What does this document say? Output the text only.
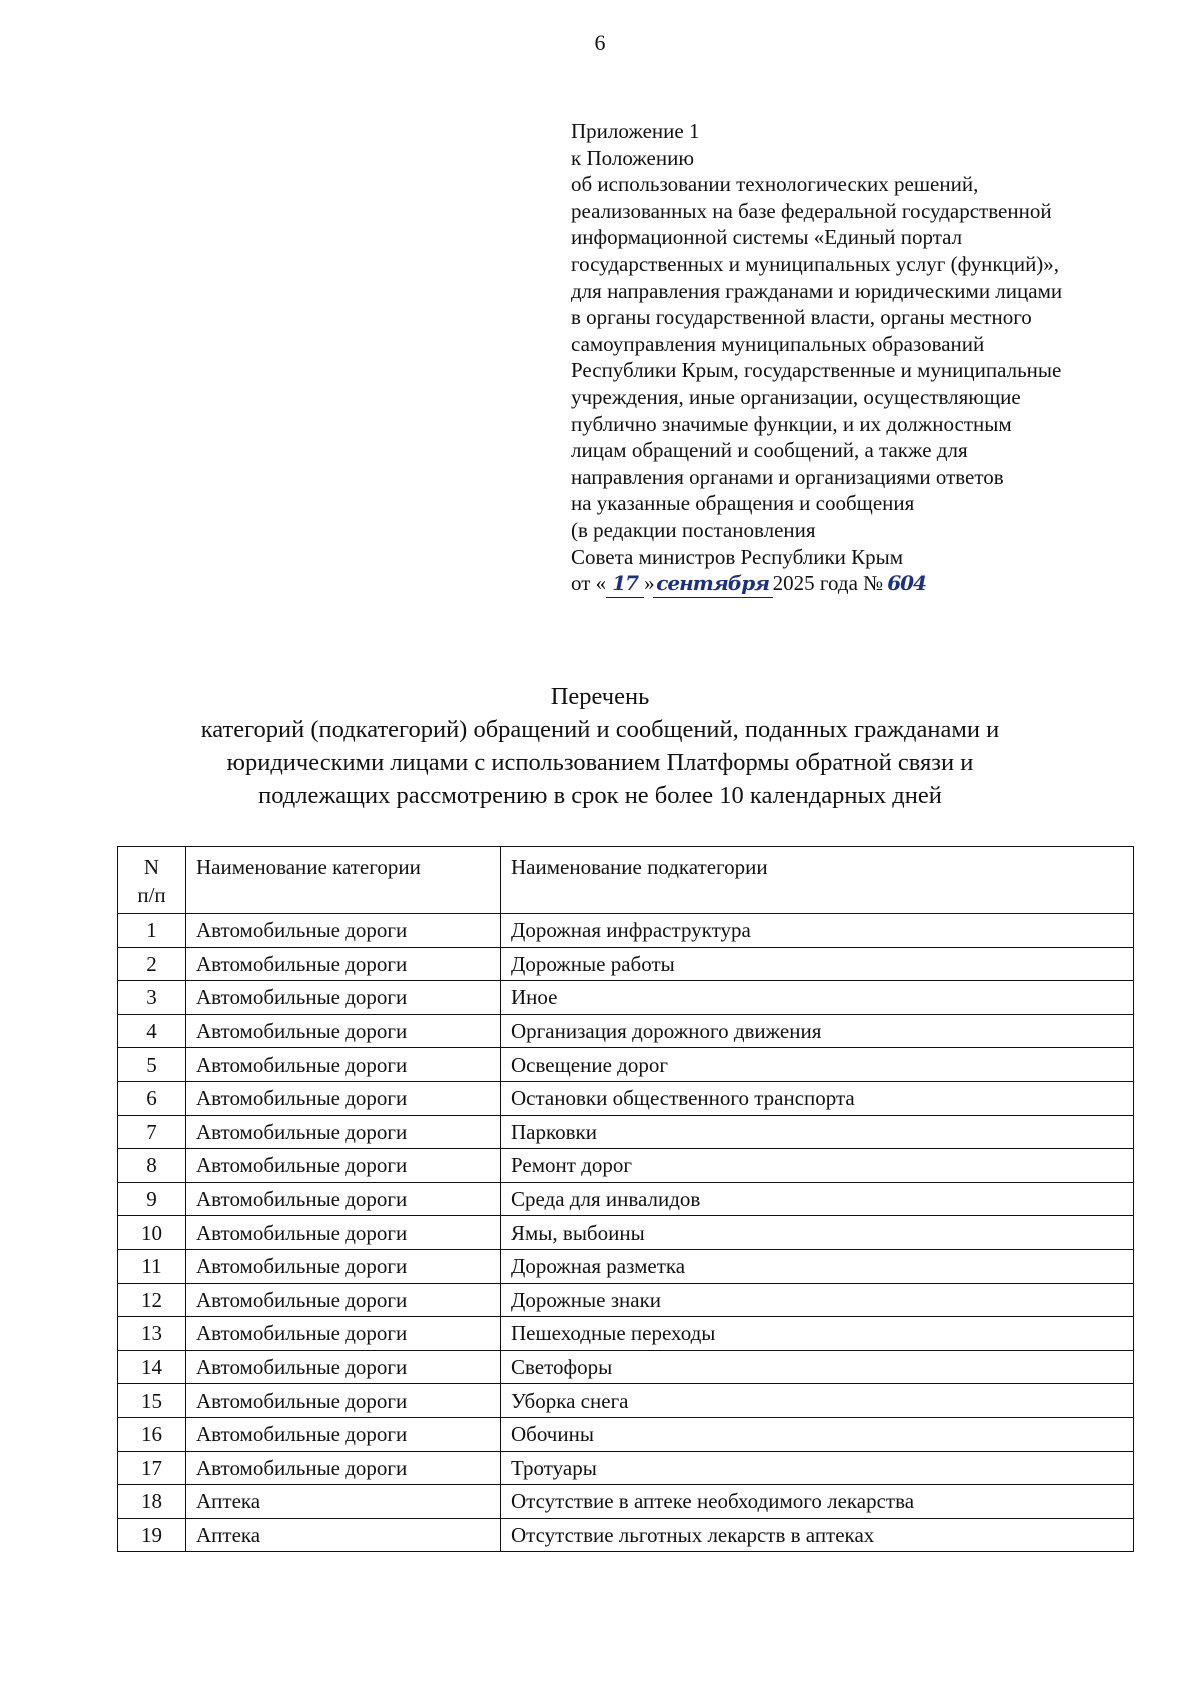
6
Приложение 1
к Положению
об использовании технологических решений,
реализованных на базе федеральной государственной
информационной системы «Единый портал
государственных и муниципальных услуг (функций)»,
для направления гражданами и юридическими лицами
в органы государственной власти, органы местного
самоуправления муниципальных образований
Республики Крым, государственные и муниципальные
учреждения, иные организации, осуществляющие
публично значимые функции, и их должностным
лицам обращений и сообщений, а также для
направления органами и организациями ответов
на указанные обращения и сообщения
(в редакции постановления
Совета министров Республики Крым
от « 17 »сентября 2025 года № 604
Перечень
категорий (подкатегорий) обращений и сообщений, поданных гражданами и
юридическими лицами с использованием Платформы обратной связи и
подлежащих рассмотрению в срок не более 10 календарных дней
N
п/п	Наименование категории	Наименование подкатегории
1	Автомобильные дороги	Дорожная инфраструктура
2	Автомобильные дороги	Дорожные работы
3	Автомобильные дороги	Иное
4	Автомобильные дороги	Организация дорожного движения
5	Автомобильные дороги	Освещение дорог
6	Автомобильные дороги	Остановки общественного транспорта
7	Автомобильные дороги	Парковки
8	Автомобильные дороги	Ремонт дорог
9	Автомобильные дороги	Среда для инвалидов
10	Автомобильные дороги	Ямы, выбоины
11	Автомобильные дороги	Дорожная разметка
12	Автомобильные дороги	Дорожные знаки
13	Автомобильные дороги	Пешеходные переходы
14	Автомобильные дороги	Светофоры
15	Автомобильные дороги	Уборка снега
16	Автомобильные дороги	Обочины
17	Автомобильные дороги	Тротуары
18	Аптека	Отсутствие в аптеке необходимого лекарства
19	Аптека	Отсутствие льготных лекарств в аптеках
